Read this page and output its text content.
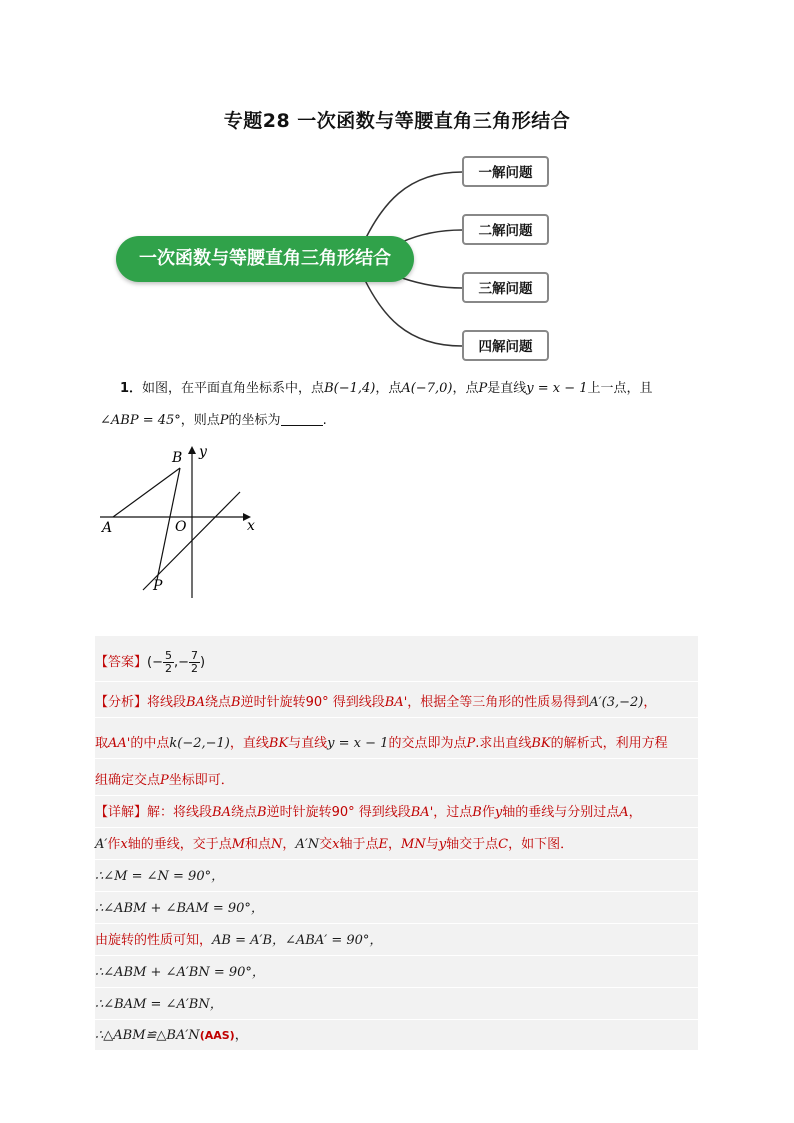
专题28 一次函数与等腰直角三角形结合
一次函数与等腰直角三角形结合
一解问题
二解问题
三解问题
四解问题
1．如图，在平面直角坐标系中，点B(−1,4)，点A(−7,0)，点P是直线y = x − 1上一点，且
∠ABP = 45°，则点P的坐标为	.
A
B
O
P
x
y
【答案】(− $\frac{5}{2}$ ,− $\frac{7}{2}$ )
【分析】将线段BA绕点B逆时针旋转90° 得到线段BA'，根据全等三角形的性质易得到A′(3,−2)，
取AA'的中点k(−2,−1)，直线BK与直线y = x − 1的交点即为点P.求出直线BK的解析式，利用方程
组确定交点P坐标即可．
【详解】解：将线段BA绕点B逆时针旋转90° 得到线段BA'，过点B作y轴的垂线与分别过点A，
A′作x轴的垂线，交于点M和点N，A′N交x轴于点E，MN与y轴交于点C，如下图．
∴∠M = ∠N = 90°，
∴∠ABM + ∠BAM = 90°，
由旋转的性质可知，AB = A′B，∠ABA′ = 90°，
∴∠ABM + ∠A′BN = 90°，
∴∠BAM = ∠A′BN，
∴△ABM≌△BA′N(AAS)，
